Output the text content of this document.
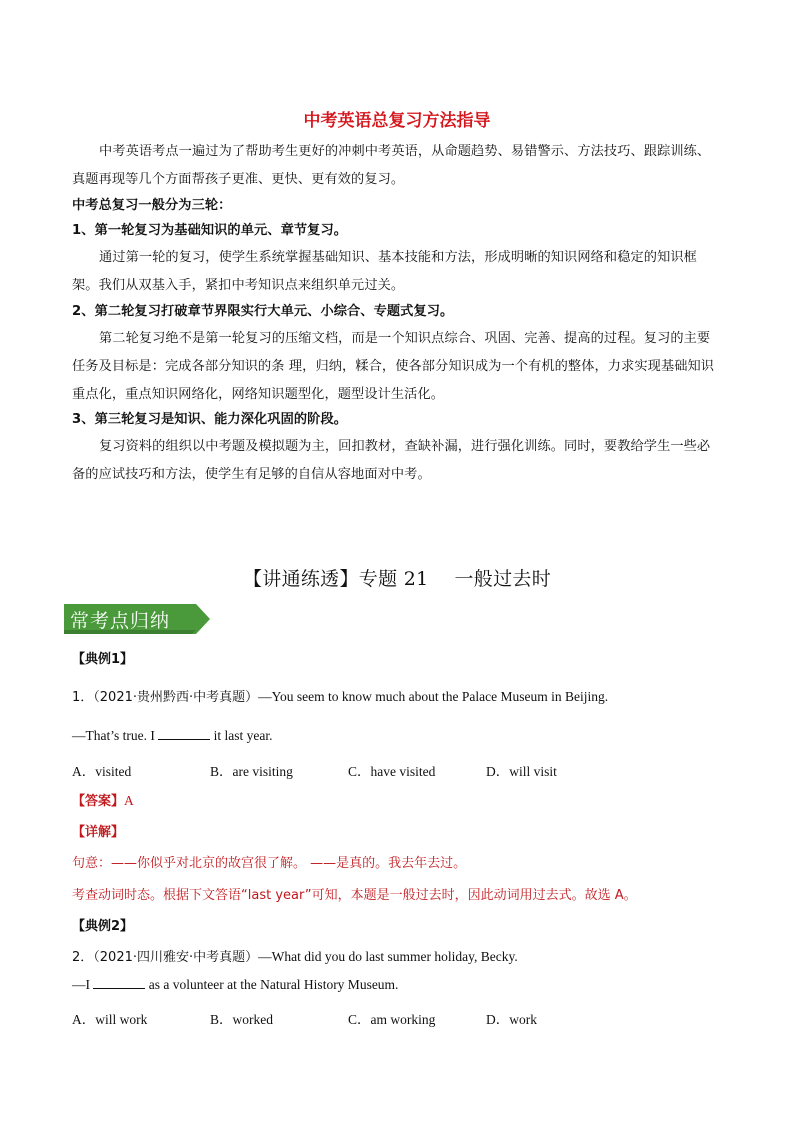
中考英语总复习方法指导
中考英语考点一遍过为了帮助考生更好的冲刺中考英语，从命题趋势、易错警示、方法技巧、跟踪训练、真题再现等几个方面帮孩子更准、更快、更有效的复习。
中考总复习一般分为三轮：
1、第一轮复习为基础知识的单元、章节复习。
通过第一轮的复习，使学生系统掌握基础知识、基本技能和方法，形成明晰的知识网络和稳定的知识框架。我们从双基入手，紧扣中考知识点来组织单元过关。
2、第二轮复习打破章节界限实行大单元、小综合、专题式复习。
第二轮复习绝不是第一轮复习的压缩文档，而是一个知识点综合、巩固、完善、提高的过程。复习的主要任务及目标是：完成各部分知识的条 理，归纳，糅合，使各部分知识成为一个有机的整体，力求实现基础知识重点化，重点知识网络化，网络知识题型化，题型设计生活化。
3、第三轮复习是知识、能力深化巩固的阶段。
复习资料的组织以中考题及模拟题为主，回扣教材，查缺补漏，进行强化训练。同时，要教给学生一些必备的应试技巧和方法，使学生有足够的自信从容地面对中考。
【讲通练透】专题 21 一般过去时
常考点归纳
【典例1】
1．（2021·贵州黔西·中考真题）—You seem to know much about the Palace Museum in Beijing.
—That’s true. I	it last year.
A．visited	B．are visiting	C．have visited	D．will visit
【答案】A
【详解】
句意：——你似乎对北京的故宫很了解。 ——是真的。我去年去过。
考查动词时态。根据下文答语“last year”可知，本题是一般过去时，因此动词用过去式。故选 A。
【典例2】
2．（2021·四川雅安·中考真题）—What did you do last summer holiday, Becky.
—I	as a volunteer at the Natural History Museum.
A．will work	B．worked	C．am working	D．work
